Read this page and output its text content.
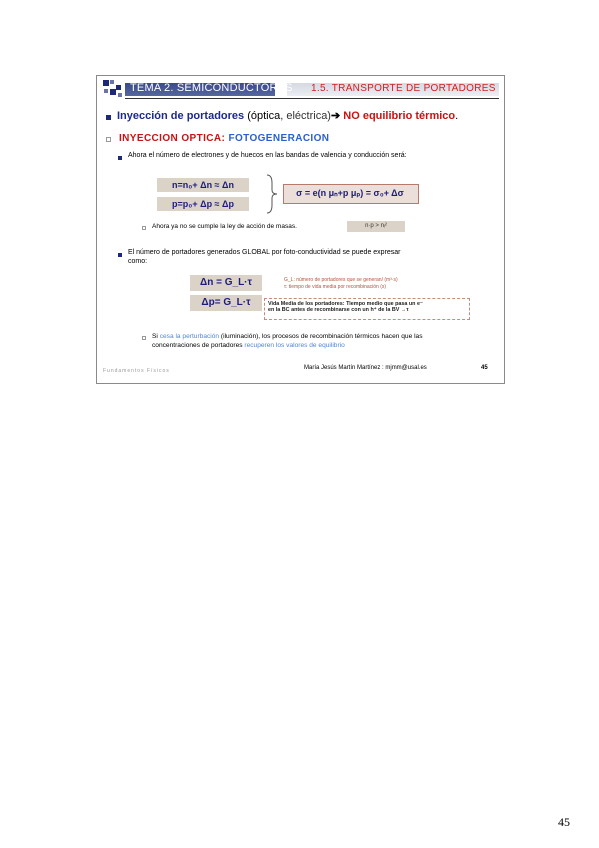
TEMA 2. SEMICONDUCTORES 1.5. TRANSPORTE DE PORTADORES
Inyección de portadores (óptica, eléctrica)➔ NO equilibrio térmico.
INYECCION OPTICA: FOTOGENERACION
Ahora el número de electrones y de huecos en las bandas de valencia y conducción será:
n=n₀+ Δn ≈ Δn
p=p₀+ Δp ≈ Δp
σ = e(n μₙ+p μₚ) = σ₀+ Δσ
Ahora ya no se cumple la ley de acción de masas.	n·p > nᵢ²
El número de portadores generados GLOBAL por foto-conductividad se puede expresar
como:
Δn = G_L·τ
Δp= G_L·τ
G_L: número de portadores que se generan/ (m³·s)
τ: tiempo de vida media por recombinación (s)
Vida Media de los portadores: Tiempo medio que pasa un e⁻
en la BC antes de recombinarse con un h⁺ de la BV →τ
Si cesa la perturbación (iluminación), los procesos de recombinación térmicos hacen que las
concentraciones de portadores recuperen los valores de equilibrio
Fundamentos Físicos	María Jesús Martín Martínez : mjmm@usal.es	45
45
